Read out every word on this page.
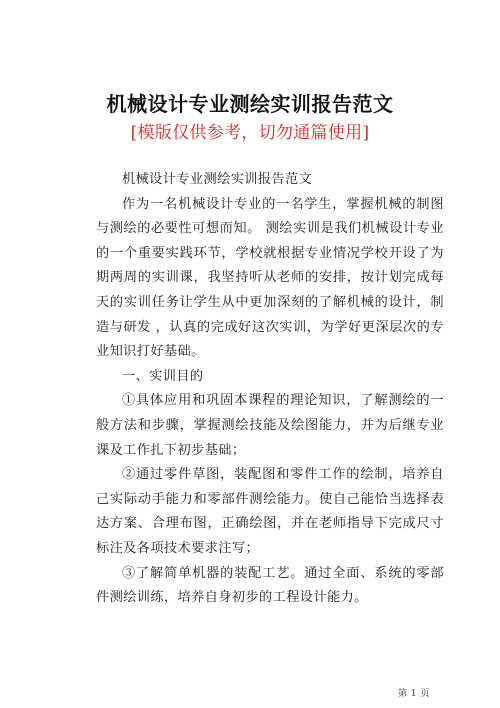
机械设计专业测绘实训报告范文
[模版仅供参考，切勿通篇使用]

机械设计专业测绘实训报告范文

作为一名机械设计专业的一名学生，掌握机械的制图与测绘的必要性可想而知。 测绘实训是我们机械设计专业的一个重要实践环节，学校就根据专业情况学校开设了为期两周的实训课，我坚持听从老师的安排，按计划完成每天的实训任务让学生从中更加深刻的了解机械的设计，制造与研发 ，认真的完成好这次实训，为学好更深层次的专业知识打好基础。

一、实训目的

①具体应用和巩固本课程的理论知识，了解测绘的一般方法和步骤，掌握测绘技能及绘图能力，并为后继专业课及工作扎下初步基础；

②通过零件草图，装配图和零件工作的绘制，培养自己实际动手能力和零部件测绘能力。使自己能恰当选择表达方案、合理布图，正确绘图，并在老师指导下完成尺寸标注及各项技术要求注写；

③了解简单机器的装配工艺。通过全面、系统的零部件测绘训练，培养自身初步的工程设计能力。

第 1 页
